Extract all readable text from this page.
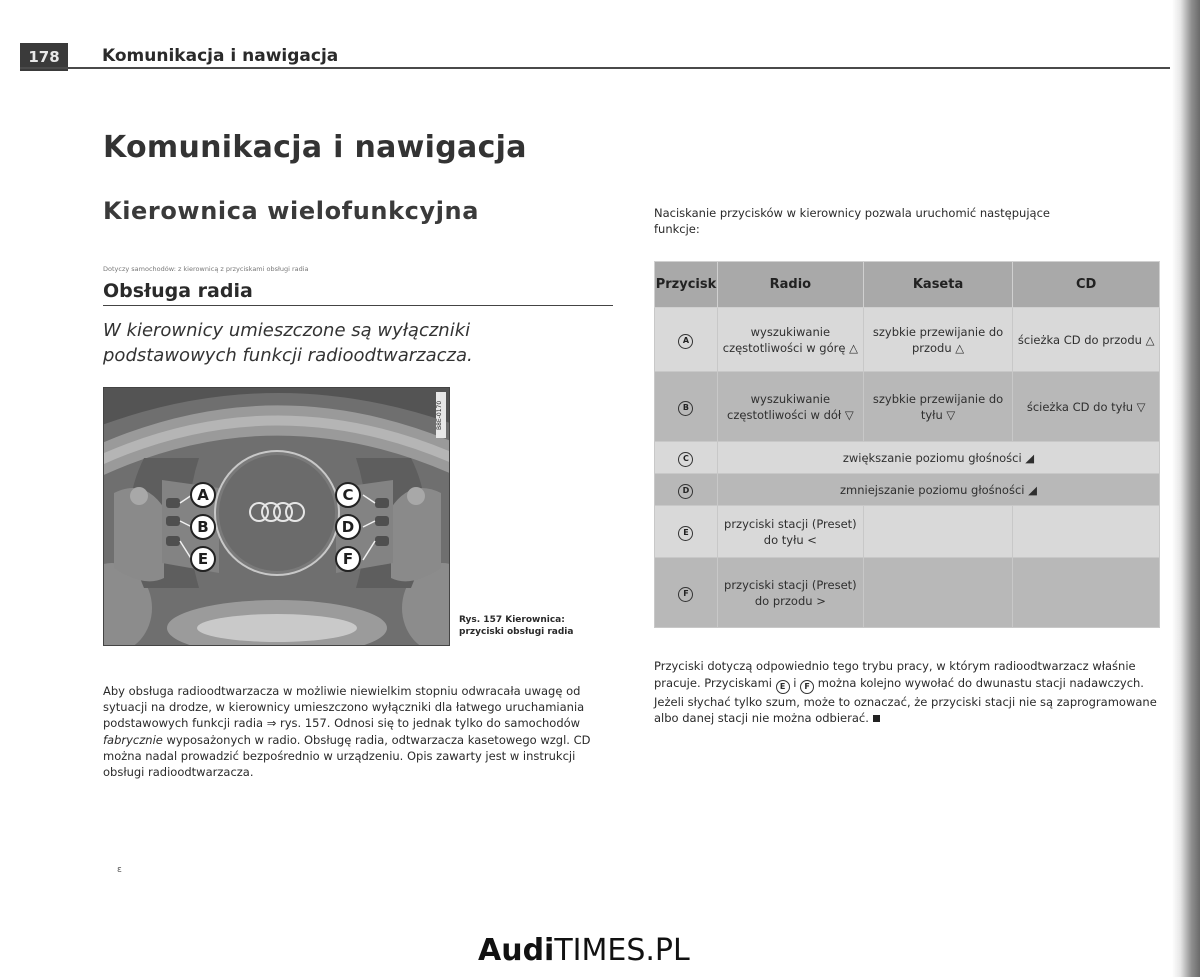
178	Komunikacja i nawigacja
Komunikacja i nawigacja
Kierownica wielofunkcyjna
Dotyczy samochodów: z kierownicą z przyciskami obsługi radia
Obsługa radia
W kierownicy umieszczone są wyłączniki podstawowych funkcji radioodtwarzacza.
A
B
E
C
D
F
B8E-0170
Rys. 157 Kierownica:
przyciski obsługi radia
Aby obsługa radioodtwarzacza w możliwie niewielkim stopniu odwracała uwagę od sytuacji na drodze, w kierownicy umieszczono wyłączniki dla łatwego uruchamiania podstawowych funkcji radia ⇒ rys. 157. Odnosi się to jednak tylko do samochodów fabrycznie wyposażonych w radio. Obsługę radia, odtwarzacza kasetowego wzgl. CD można nadal prowadzić bezpośrednio w urządzeniu. Opis zawarty jest w instrukcji obsługi radioodtwarzacza.
Naciskanie przycisków w kierownicy pozwala uruchomić następujące funkcje:
Przycisk	Radio	Kaseta	CD
A	wyszukiwanie częstotliwości w górę △	szybkie przewijanie do przodu △	ścieżka CD do przodu △
B	wyszukiwanie częstotliwości w dół ▽	szybkie przewijanie do tyłu ▽	ścieżka CD do tyłu ▽
C	zwiększanie poziomu głośności ◢		
D	zmniejszanie poziomu głośności ◢		
E	przyciski stacji (Preset) do tyłu <		
F	przyciski stacji (Preset) do przodu >		
Przyciski dotyczą odpowiednio tego trybu pracy, w którym radioodtwarzacz właśnie pracuje. Przyciskami E i F można kolejno wywołać do dwunastu stacji nadawczych. Jeżeli słychać tylko szum, może to oznaczać, że przyciski stacji nie są zaprogramowane albo danej stacji nie można odbierać.
ε
AudiTIMES.PL
